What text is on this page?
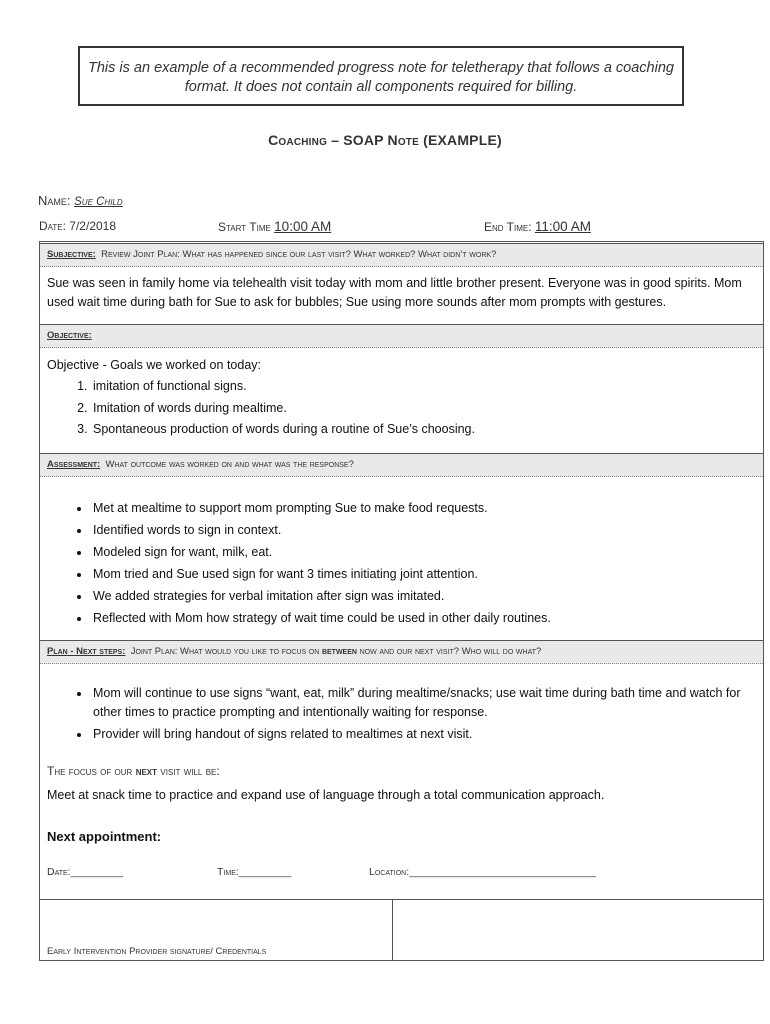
This is an example of a recommended progress note for teletherapy that follows a coaching format. It does not contain all components required for billing.
Coaching – SOAP Note (EXAMPLE)
Name: Sue Child
Date: 7/2/2018	Start Time 10:00 AM	End Time: 11:00 AM
Subjective: Review Joint Plan: What has happened since our last visit? What worked? What didn’t work?
Sue was seen in family home via telehealth visit today with mom and little brother present. Everyone was in good spirits. Mom used wait time during bath for Sue to ask for bubbles; Sue using more sounds after mom prompts with gestures.
Objective:
Objective - Goals we worked on today:
1. imitation of functional signs.
2. Imitation of words during mealtime.
3. Spontaneous production of words during a routine of Sue’s choosing.
Assessment: What outcome was worked on and what was the response?
• Met at mealtime to support mom prompting Sue to make food requests.
• Identified words to sign in context.
• Modeled sign for want, milk, eat.
• Mom tried and Sue used sign for want 3 times initiating joint attention.
• We added strategies for verbal imitation after sign was imitated.
• Reflected with Mom how strategy of wait time could be used in other daily routines.
Plan - Next steps: Joint Plan: What would you like to focus on between now and our next visit? Who will do what?
• Mom will continue to use signs “want, eat, milk” during mealtime/snacks; use wait time during bath time and watch for other times to practice prompting and intentionally waiting for response.
• Provider will bring handout of signs related to mealtimes at next visit.
The focus of our next visit will be:
Meet at snack time to practice and expand use of language through a total communication approach.
Next appointment:
Date:_________	Time:_________	Location:________________________________
Early Intervention Provider signature/ Credentials
